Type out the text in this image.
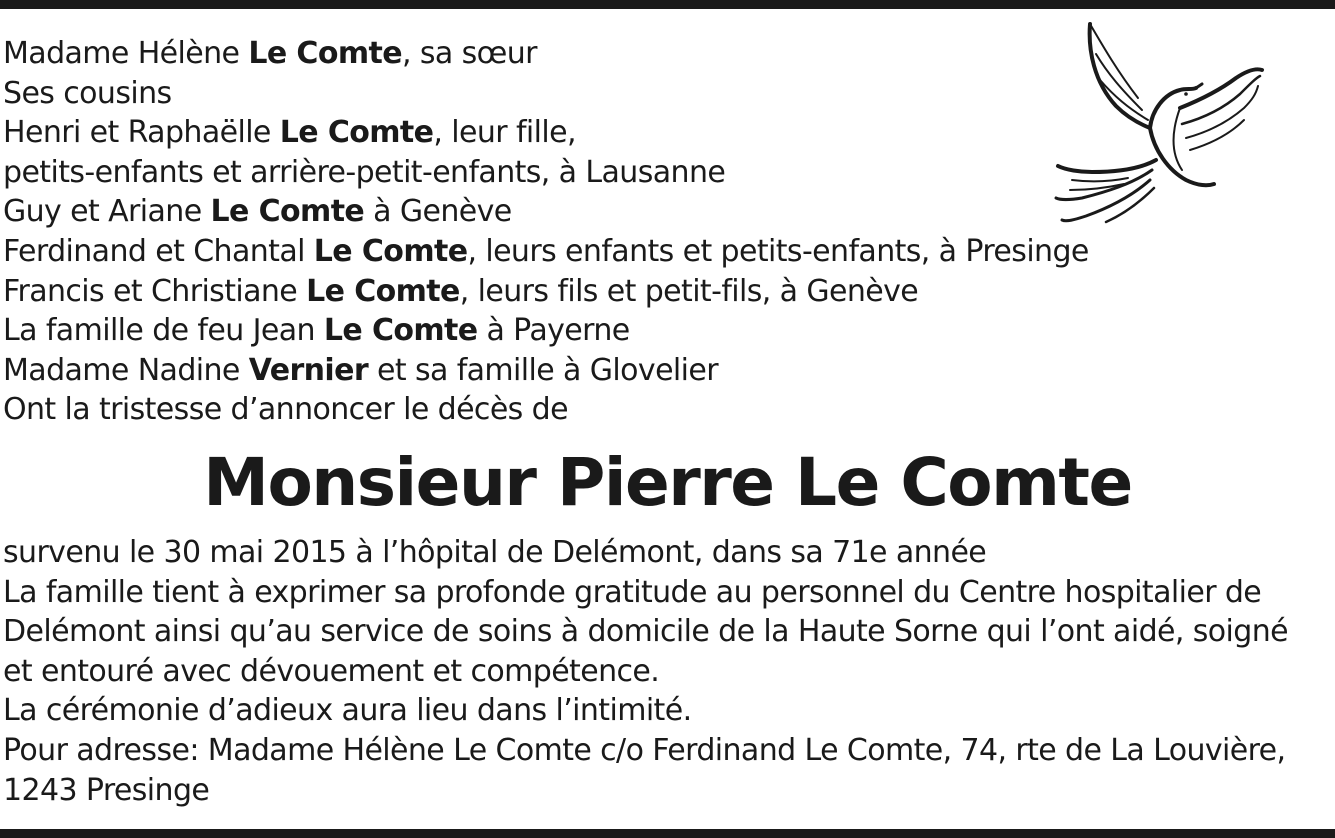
Madame Hélène Le Comte, sa sœur
Ses cousins
Henri et Raphaëlle Le Comte, leur fille,
petits-enfants et arrière-petit-enfants, à Lausanne
Guy et Ariane Le Comte à Genève
Ferdinand et Chantal Le Comte, leurs enfants et petits-enfants, à Presinge
Francis et Christiane Le Comte, leurs fils et petit-fils, à Genève
La famille de feu Jean Le Comte à Payerne
Madame Nadine Vernier et sa famille à Glovelier
Ont la tristesse d’annoncer le décès de
Monsieur Pierre Le Comte
survenu le 30 mai 2015 à l’hôpital de Delémont, dans sa 71e année
La famille tient à exprimer sa profonde gratitude au personnel du Centre hospitalier de
Delémont ainsi qu’au service de soins à domicile de la Haute Sorne qui l’ont aidé, soigné
et entouré avec dévouement et compétence.
La cérémonie d’adieux aura lieu dans l’intimité.
Pour adresse: Madame Hélène Le Comte c/o Ferdinand Le Comte, 74, rte de La Louvière,
1243 Presinge
